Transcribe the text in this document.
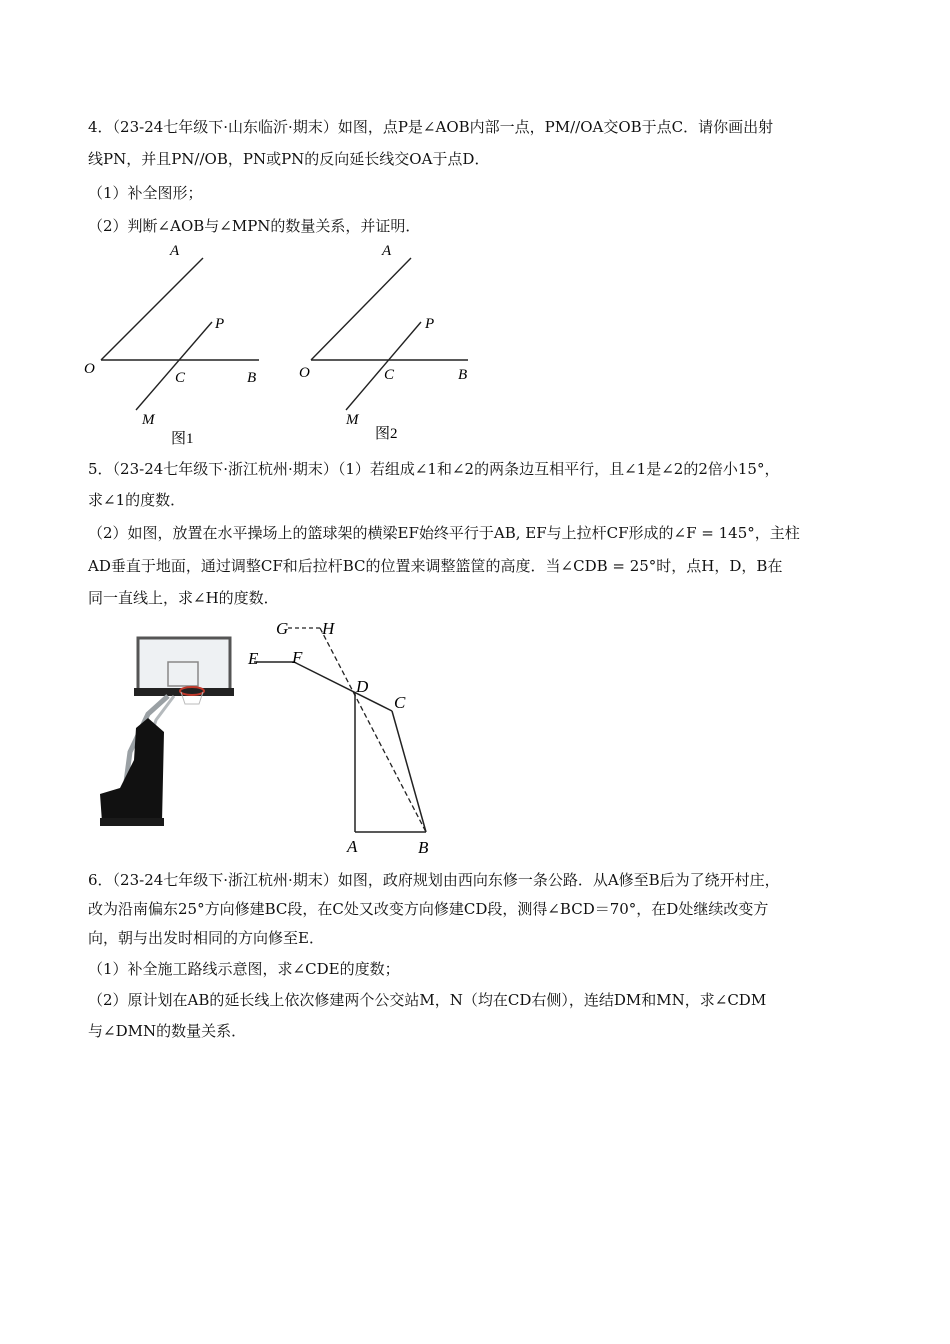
4．（23-24七年级下·山东临沂·期末）如图，点P是∠AOB内部一点，PM//OA交OB于点C．请你画出射
线PN，并且PN//OB，PN或PN的反向延长线交OA于点D．
（1）补全图形；
（2）判断∠AOB与∠MPN的数量关系，并证明．
A
O
C	B
P
M
图1
A
O	C	B
P
M
图2
5．（23-24七年级下·浙江杭州·期末）（1）若组成∠1和∠2的两条边互相平行，且∠1是∠2的2倍小15°，
求∠1的度数．
（2）如图，放置在水平操场上的篮球架的横梁EF始终平行于AB, EF与上拉杆CF形成的∠F = 145°，主柱
AD垂直于地面，通过调整CF和后拉杆BC的位置来调整篮筐的高度．当∠CDB = 25°时，点H，D，B在
同一直线上，求∠H的度数．
G H
E F
D
C
A	B
6．（23-24七年级下·浙江杭州·期末）如图，政府规划由西向东修一条公路．从A修至B后为了绕开村庄，
改为沿南偏东25°方向修建BC段，在C处又改变方向修建CD段，测得∠BCD＝70°，在D处继续改变方
向，朝与出发时相同的方向修至E．
（1）补全施工路线示意图，求∠CDE的度数；
（2）原计划在AB的延长线上依次修建两个公交站M，N（均在CD右侧），连结DM和MN，求∠CDM
与∠DMN的数量关系．
